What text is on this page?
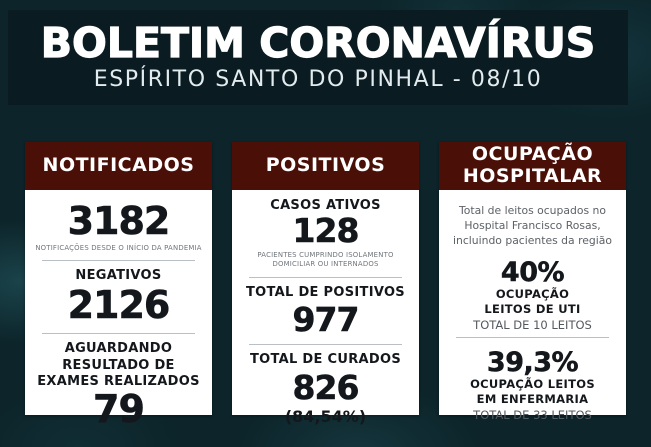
BOLETIM CORONAVÍRUS
ESPÍRITO SANTO DO PINHAL - 08/10
NOTIFICADOS
3182
NOTIFICAÇÕES DESDE O INÍCIO DA PANDEMIA
NEGATIVOS
2126
AGUARDANDO RESULTADO DE EXAMES REALIZADOS
79
POSITIVOS
CASOS ATIVOS
128
PACIENTES CUMPRINDO ISOLAMENTO DOMICILIAR OU INTERNADOS
TOTAL DE POSITIVOS
977
TOTAL DE CURADOS
826
(84,54%)
OCUPAÇÃO HOSPITALAR
Total de leitos ocupados no Hospital Francisco Rosas, incluindo pacientes da região
40%
OCUPAÇÃO
LEITOS DE UTI
TOTAL DE 10 LEITOS
39,3%
OCUPAÇÃO LEITOS
EM ENFERMARIA
TOTAL DE 33 LEITOS
